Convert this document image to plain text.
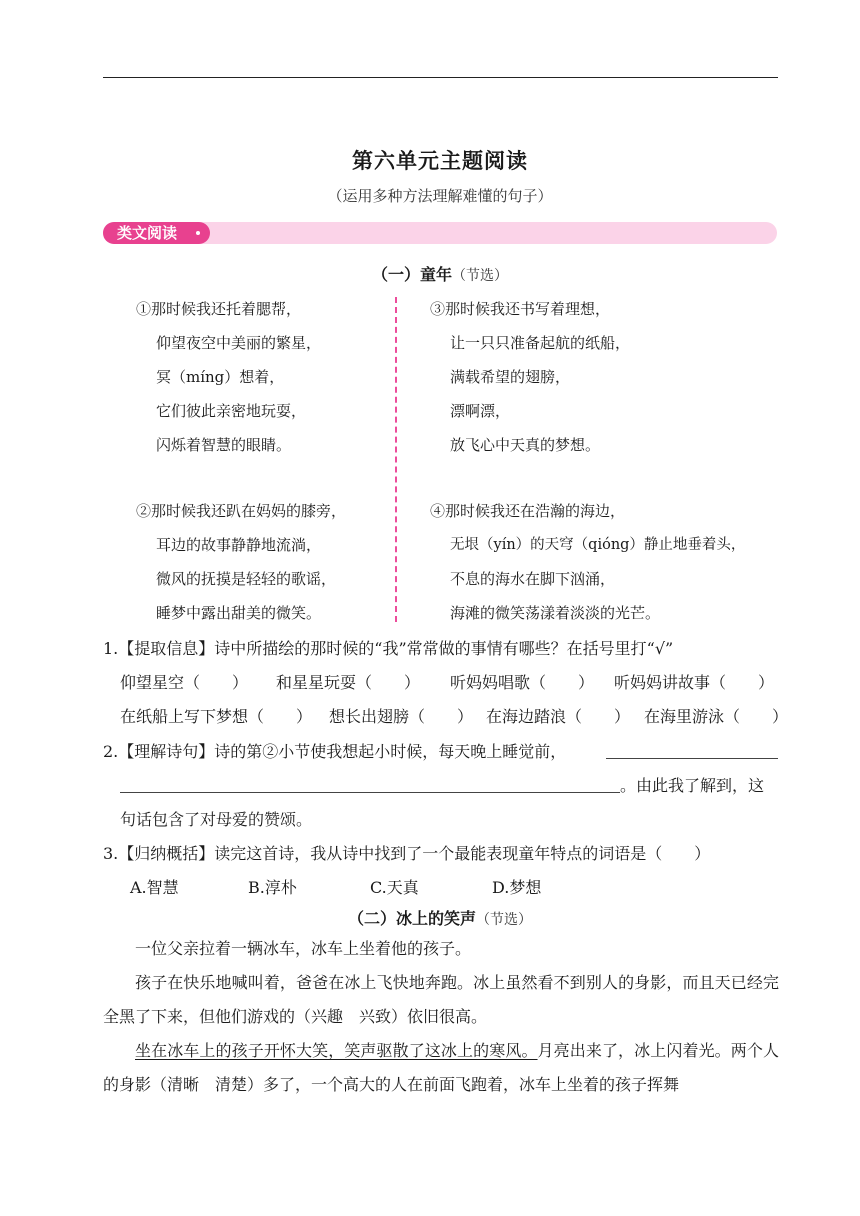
第六单元主题阅读
（运用多种方法理解难懂的句子）
类文阅读
（一）童年（节选）
①那时候我还托着腮帮，
仰望夜空中美丽的繁星，
冥（míng）想着，
它们彼此亲密地玩耍，
闪烁着智慧的眼睛。
②那时候我还趴在妈妈的膝旁，
耳边的故事静静地流淌，
微风的抚摸是轻轻的歌谣，
睡梦中露出甜美的微笑。
③那时候我还书写着理想，
让一只只准备起航的纸船，
满载希望的翅膀，
漂啊漂，
放飞心中天真的梦想。
④那时候我还在浩瀚的海边，
无垠（yín）的天穹（qióng）静止地垂着头，
不息的海水在脚下汹涌，
海滩的微笑荡漾着淡淡的光芒。
1.【提取信息】诗中所描绘的那时候的“我”常常做的事情有哪些？在括号里打“√”
仰望星空（　　） 和星星玩耍（　　） 听妈妈唱歌（　　） 听妈妈讲故事（　　）
在纸船上写下梦想（　　） 想长出翅膀（　　） 在海边踏浪（　　） 在海里游泳（　　）
2.【理解诗句】诗的第②小节使我想起小时候，每天晚上睡觉前，
。由此我了解到，这
句话包含了对母爱的赞颂。
3.【归纳概括】读完这首诗，我从诗中找到了一个最能表现童年特点的词语是（　　）
A.智慧	B.淳朴	C.天真	D.梦想
（二）冰上的笑声（节选）

一位父亲拉着一辆冰车，冰车上坐着他的孩子。

孩子在快乐地喊叫着，爸爸在冰上飞快地奔跑。冰上虽然看不到别人的身影，而且天已经完全黑了下来，但他们游戏的（兴趣　兴致）依旧很高。

坐在冰车上的孩子开怀大笑，笑声驱散了这冰上的寒风。月亮出来了，冰上闪着光。两个人的身影（清晰　清楚）多了，一个高大的人在前面飞跑着，冰车上坐着的孩子挥舞
